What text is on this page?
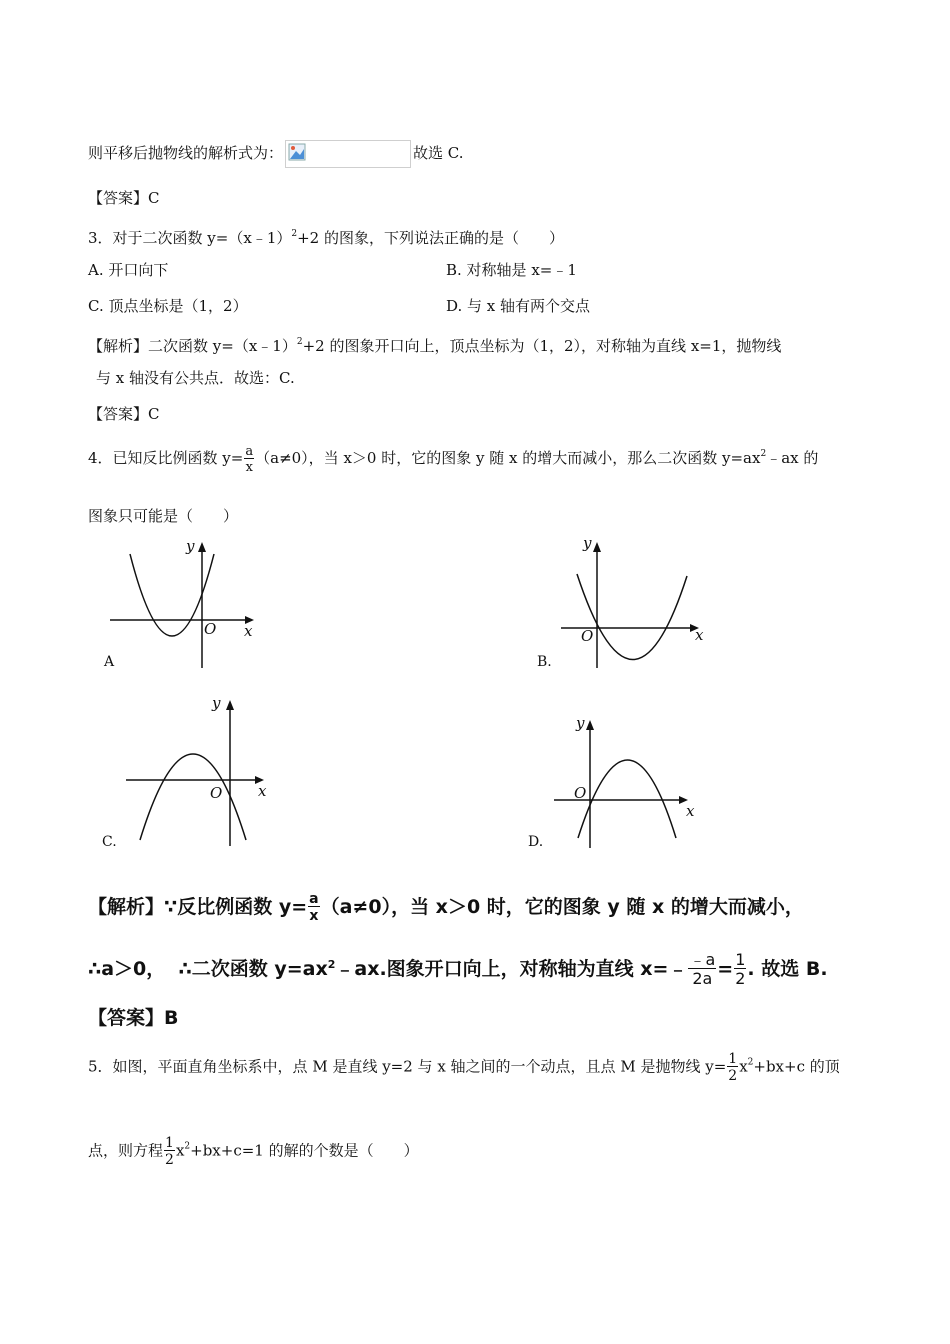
则平移后抛物线的解析式为：	故选 C.
【答案】C
3．对于二次函数 y=（x﹣1）$^2$+2 的图象，下列说法正确的是（　　）
A. 开口向下	B. 对称轴是 x=﹣1
C. 顶点坐标是（1，2）	D. 与 x 轴有两个交点
【解析】二次函数 y=（x﹣1）$^2$+2 的图象开口向上，顶点坐标为（1，2），对称轴为直线 x=1，抛物线
与 x 轴没有公共点．故选：C.
【答案】C
4．已知反比例函数 $y= \frac{a}{x} (a\ne 0)$，当 x＞0 时，它的图象 y 随 x 的增大而减小，那么二次函数 $y=ax^2﹣ax$ 的
图象只可能是（　　）
y
O x
A
y
O	x
B.
y
O x
C.
y
O
x
D.
【解析】∵反比例函数 $y= \frac{a}{x} (a\ne 0)$，当 x＞0 时，它的图象 y 随 x 的增大而减小，
∴a＞0， ∴二次函数 $y=ax^2﹣ax$.图象开口向上，对称轴为直线 x=﹣ $\frac{﹣a}{2a} = \frac{1}{2}$ . 故选 B.
【答案】B
5．如图，平面直角坐标系中，点 M 是直线 y=2 与 x 轴之间的一个动点，且点 M 是抛物线 $y= \frac{1}{2} x^2+bx+c$ 的顶
点，则方程 $\frac{1}{2} x^2+bx+c=1$ 的解的个数是（　　）
